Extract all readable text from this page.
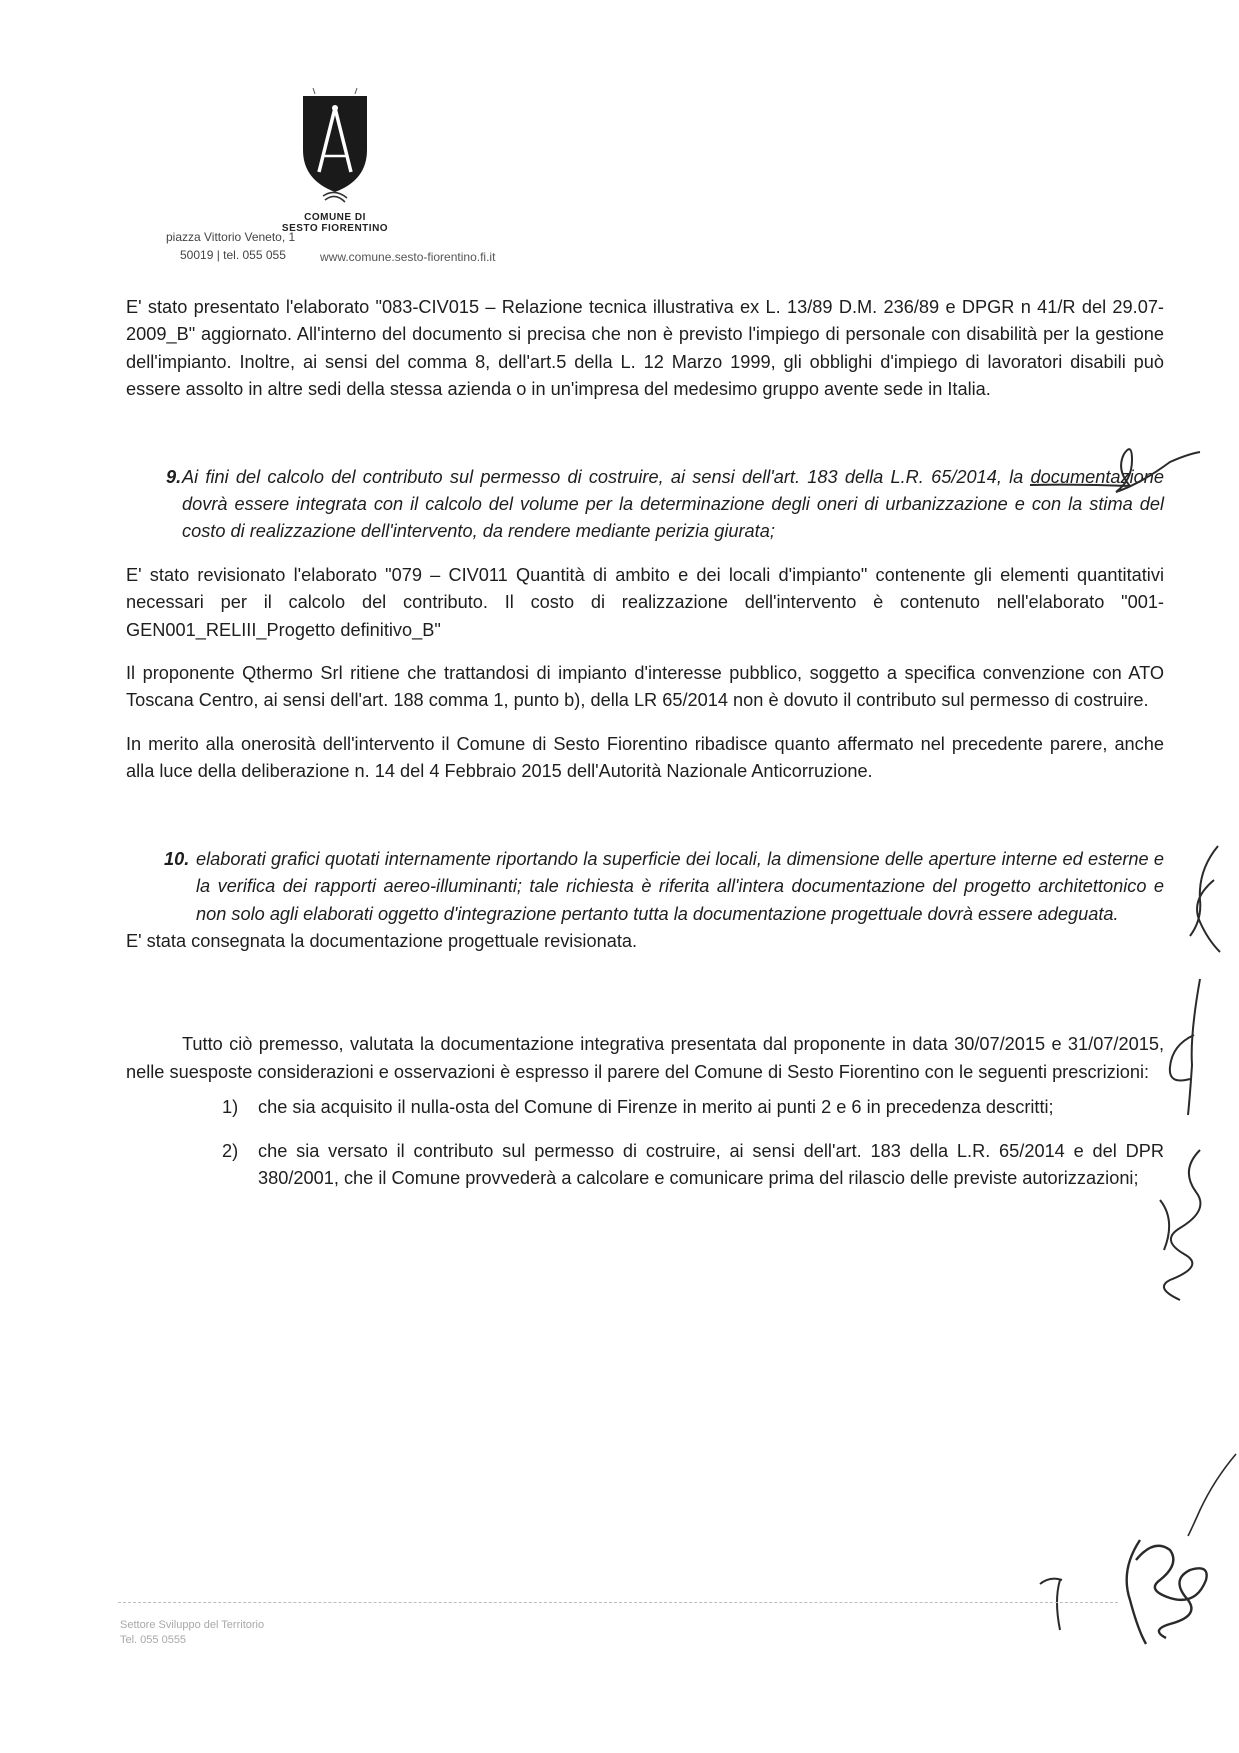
COMUNE DI
SESTO FIORENTINO
piazza Vittorio Veneto, 1
50019 | tel. 055 055	www.comune.sesto-fiorentino.fi.it

E' stato presentato l'elaborato "083-CIV015 – Relazione tecnica illustrativa ex L. 13/89 D.M. 236/89 e DPGR n 41/R del 29.07-2009_B" aggiornato. All'interno del documento si precisa che non è previsto l'impiego di personale con disabilità per la gestione dell'impianto. Inoltre, ai sensi del comma 8, dell'art.5 della L. 12 Marzo 1999, gli obblighi d'impiego di lavoratori disabili può essere assolto in altre sedi della stessa azienda o in un'impresa del medesimo gruppo avente sede in Italia.

9. Ai fini del calcolo del contributo sul permesso di costruire, ai sensi dell'art. 183 della L.R. 65/2014, la documentazione dovrà essere integrata con il calcolo del volume per la determinazione degli oneri di urbanizzazione e con la stima del costo di realizzazione dell'intervento, da rendere mediante perizia giurata;

E' stato revisionato l'elaborato "079 – CIV011 Quantità di ambito e dei locali d'impianto" contenente gli elementi quantitativi necessari per il calcolo del contributo. Il costo di realizzazione dell'intervento è contenuto nell'elaborato "001-GEN001_RELIII_Progetto definitivo_B"

Il proponente Qthermo Srl ritiene che trattandosi di impianto d'interesse pubblico, soggetto a specifica convenzione con ATO Toscana Centro, ai sensi dell'art. 188 comma 1, punto b), della LR 65/2014 non è dovuto il contributo sul permesso di costruire.

In merito alla onerosità dell'intervento il Comune di Sesto Fiorentino ribadisce quanto affermato nel precedente parere, anche alla luce della deliberazione n. 14 del 4 Febbraio 2015 dell'Autorità Nazionale Anticorruzione.

10. elaborati grafici quotati internamente riportando la superficie dei locali, la dimensione delle aperture interne ed esterne e la verifica dei rapporti aereo-illuminanti; tale richiesta è riferita all'intera documentazione del progetto architettonico e non solo agli elaborati oggetto d'integrazione pertanto tutta la documentazione progettuale dovrà essere adeguata.

E' stata consegnata la documentazione progettuale revisionata.

Tutto ciò premesso, valutata la documentazione integrativa presentata dal proponente in data 30/07/2015 e 31/07/2015, nelle suesposte considerazioni e osservazioni è espresso il parere del Comune di Sesto Fiorentino con le seguenti prescrizioni:

1) che sia acquisito il nulla-osta del Comune di Firenze in merito ai punti 2 e 6 in precedenza descritti;
2) che sia versato il contributo sul permesso di costruire, ai sensi dell'art. 183 della L.R. 65/2014 e del DPR 380/2001, che il Comune provvederà a calcolare e comunicare prima del rilascio delle previste autorizzazioni;
Settore Sviluppo del Territorio
Tel. 055 0555
